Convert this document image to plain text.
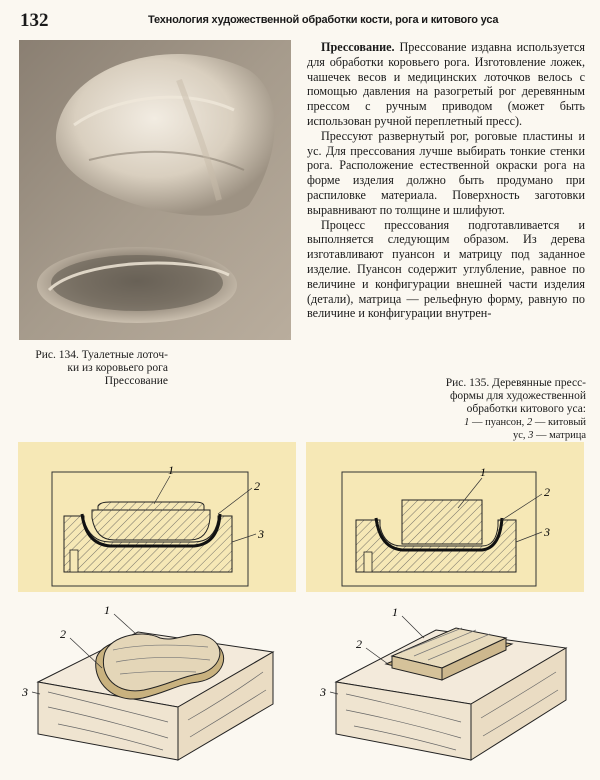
132	Технология художественной обработки кости, рога и китового уса
Рис. 134. Туалетные лоточ-
ки из коровьего рога
Прессование

Прессование. Прессование издавна используется для обработки коровьего рога. Изготовление ложек, чашечек весов и медицинских лоточков велось с помощью давления на разогретый рог деревянным прессом с ручным приводом (может быть использован ручной переплетный пресс).

Прессуют развернутый рог, роговые пластины и ус. Для прессования лучше выбирать тонкие стенки рога. Расположение естественной окраски рога на форме изделия должно быть продумано при распиловке материала. Поверхность заготовки выравнивают по толщине и шлифуют.

Процесс прессования подготавливается и выполняется следующим образом. Из дерева изготавливают пуансон и матрицу под заданное изделие. Пуансон содержит углубление, равное по величине и конфигурации внешней части изделия (детали), матрица — рельефную форму, равную по величине и конфигурации внутрен-

Рис. 135. Деревянные пресс-
формы для художественной
обработки китового уса:
1 — пуансон, 2 — китовый
ус, 3 — матрица
1
2
3
1
2
3
1
2
3
1
2
3
